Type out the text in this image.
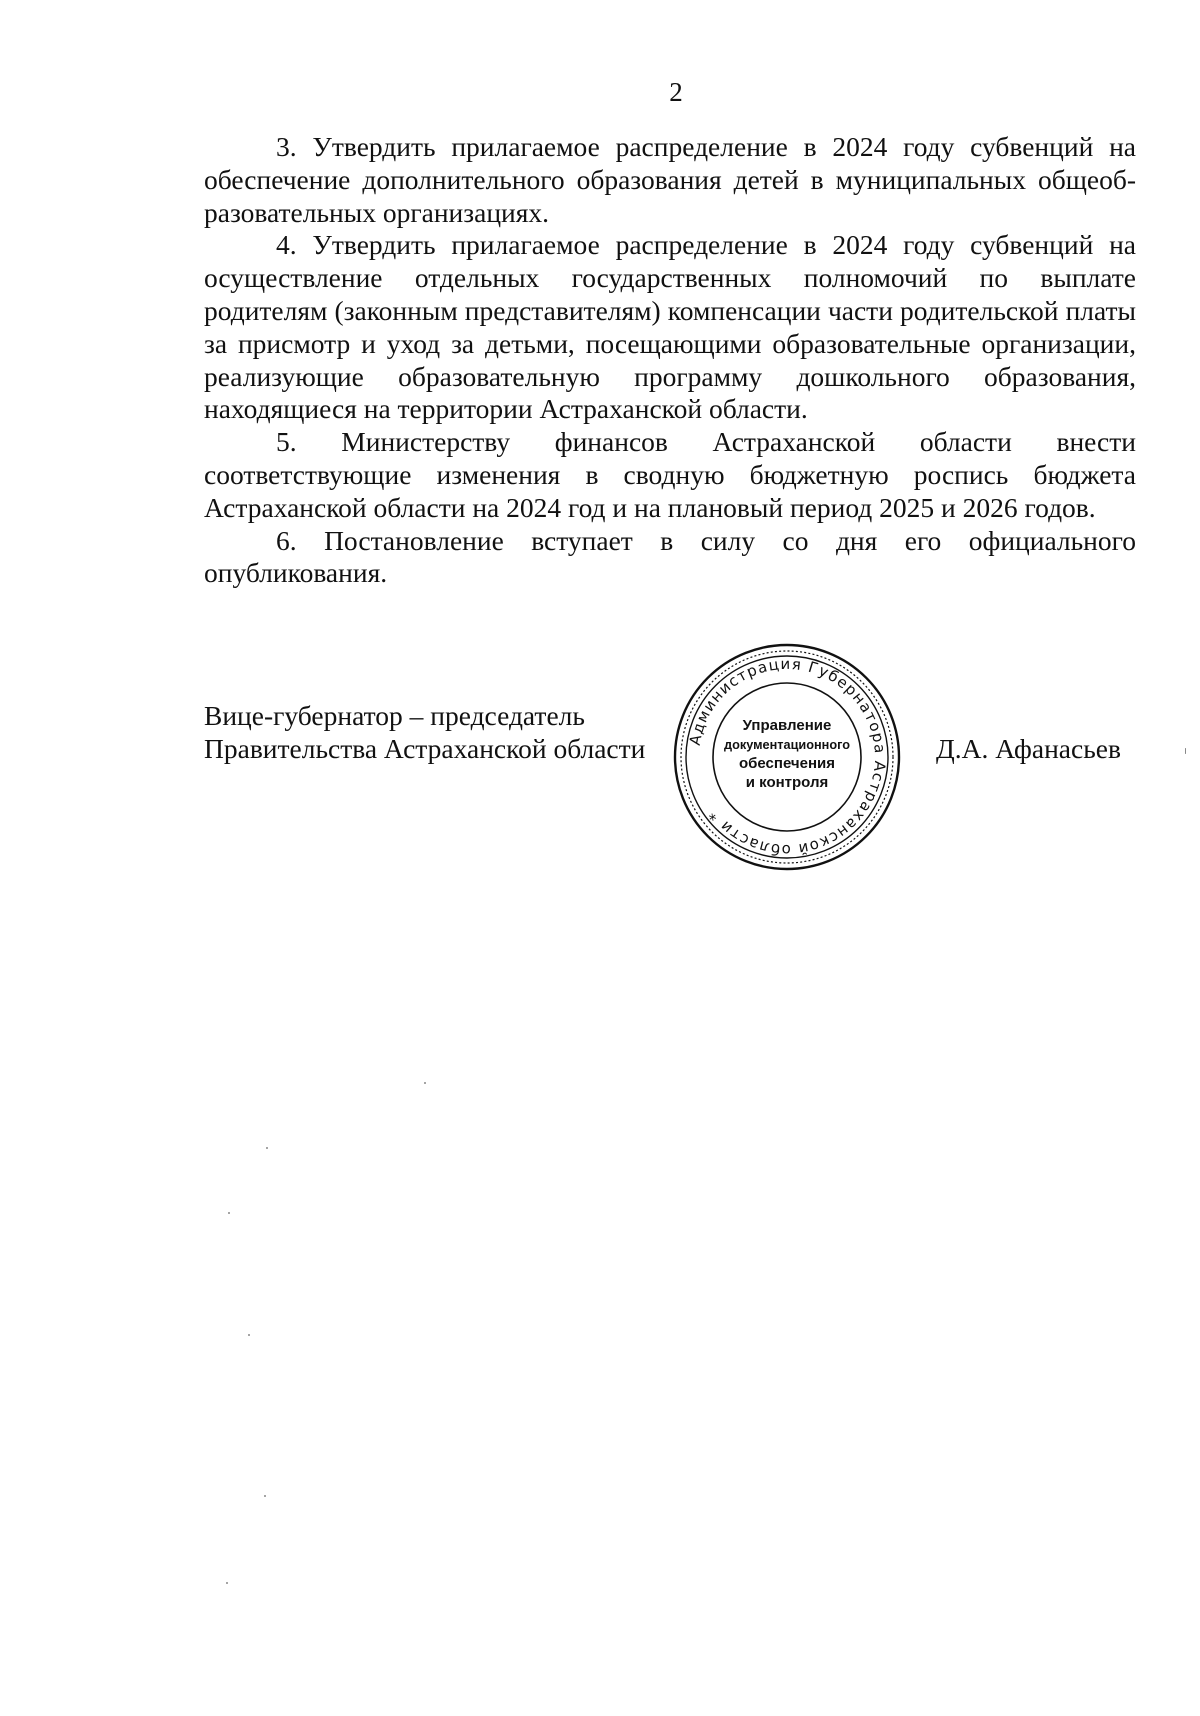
2

3. Утвердить прилагаемое распределение в 2024 году субвенций на обеспечение дополнительного образования детей в муниципальных общеобразовательных организациях.

4. Утвердить прилагаемое распределение в 2024 году субвенций на осуществление отдельных государственных полномочий по выплате родителям (законным представителям) компенсации части родительской платы за присмотр и уход за детьми, посещающими образовательные организации, реализующие образовательную программу дошкольного образования, находящиеся на территории Астраханской области.

5. Министерству финансов Астраханской области внести соответствующие изменения в сводную бюджетную роспись бюджета Астраханской области на 2024 год и на плановый период 2025 и 2026 годов.

6. Постановление вступает в силу со дня его официального опубликования.

Вице-губернатор – председатель
Правительства Астраханской области	Администрация Губернатора Астраханской области *
Управление
документационного
обеспечения
и контроля
Д.А. Афанасьев
